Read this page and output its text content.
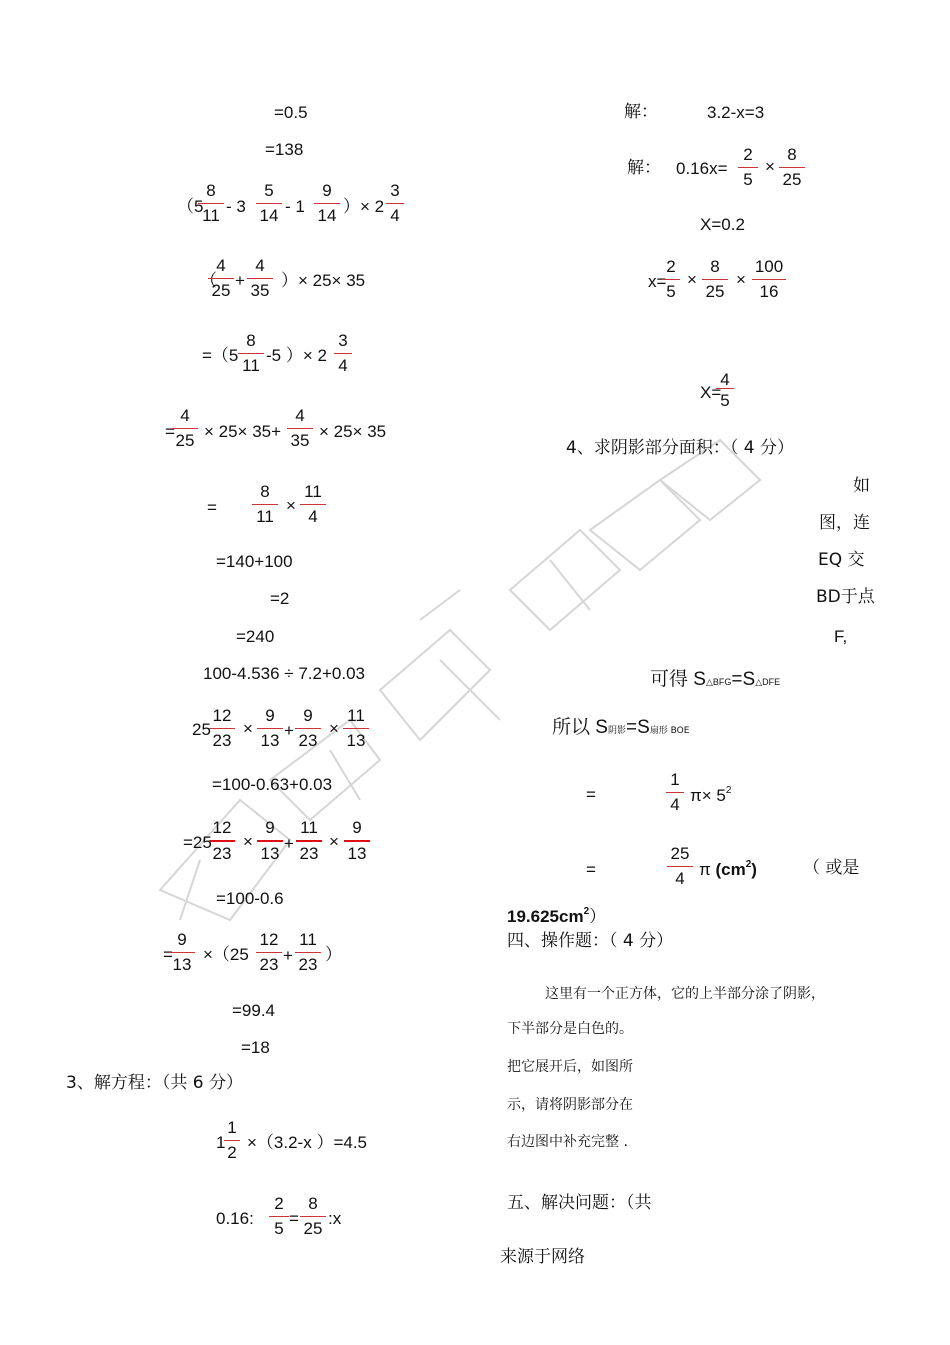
=0.5
=138
（5
$\frac{8}{11} - 3 \frac{5}{14} - 1 \frac{9}{14}$ ）× $2 \frac{3}{4}$
（
$\frac{4}{25} + \frac{4}{35}$ ）× 25× 35
$=(5 \frac{8}{11} -5$ ）× $2 \frac{3}{4}$
=
$\frac{4}{25} \times 25\times 35+ \frac{4}{35} \times 25\times 35$
= $\frac{8}{11} \times \frac{11}{4}$
=140+100
=2
=240
100-4.536 ÷ 7.2+0.03
25
$\frac{12}{23} \times \frac{9}{13} + \frac{9}{23} \times \frac{11}{13}$
=100-0.63+0.03
=25
$\frac{12}{23} \times \frac{9}{13} + \frac{11}{23} \times \frac{9}{13}$
=100-0.6
=
$\frac{9}{13} \times(25 \frac{12}{23} + \frac{11}{23}$ ）
=99.4
=18
3、解方程：（共 6 分）
1
$\frac{1}{2} \times(3.2-x$ ）=4.5
0.16: $\frac{2}{5} = \frac{8}{25}$ :x
解：	3.2-x=3
解： $0.16x= \frac{2}{5} \times \frac{8}{25}$
X=0.2
x=
$\frac{2}{5} \times \frac{8}{25} \times \frac{100}{16}$
X=
$\frac{4}{5}$
4、求阴影部分面积：（ 4 分）
如
图，连
EQ 交
BD于点
F,
可得 S△BFG=S△DFE
所以 S阴影=S扇形 BOE
=	$\frac{1}{4} \pi\times 5^2$
=	$\frac{25}{4}$ π $(cm^2)$	（ 或是
$19.625cm^2$）
四、操作题：（ 4 分）
这里有一个正方体，它的上半部分涂了阴影，
下半部分是白色的。
把它展开后，如图所
示，请将阴影部分在
右边图中补充完整 .
五、解决问题：（共
来源于网络
